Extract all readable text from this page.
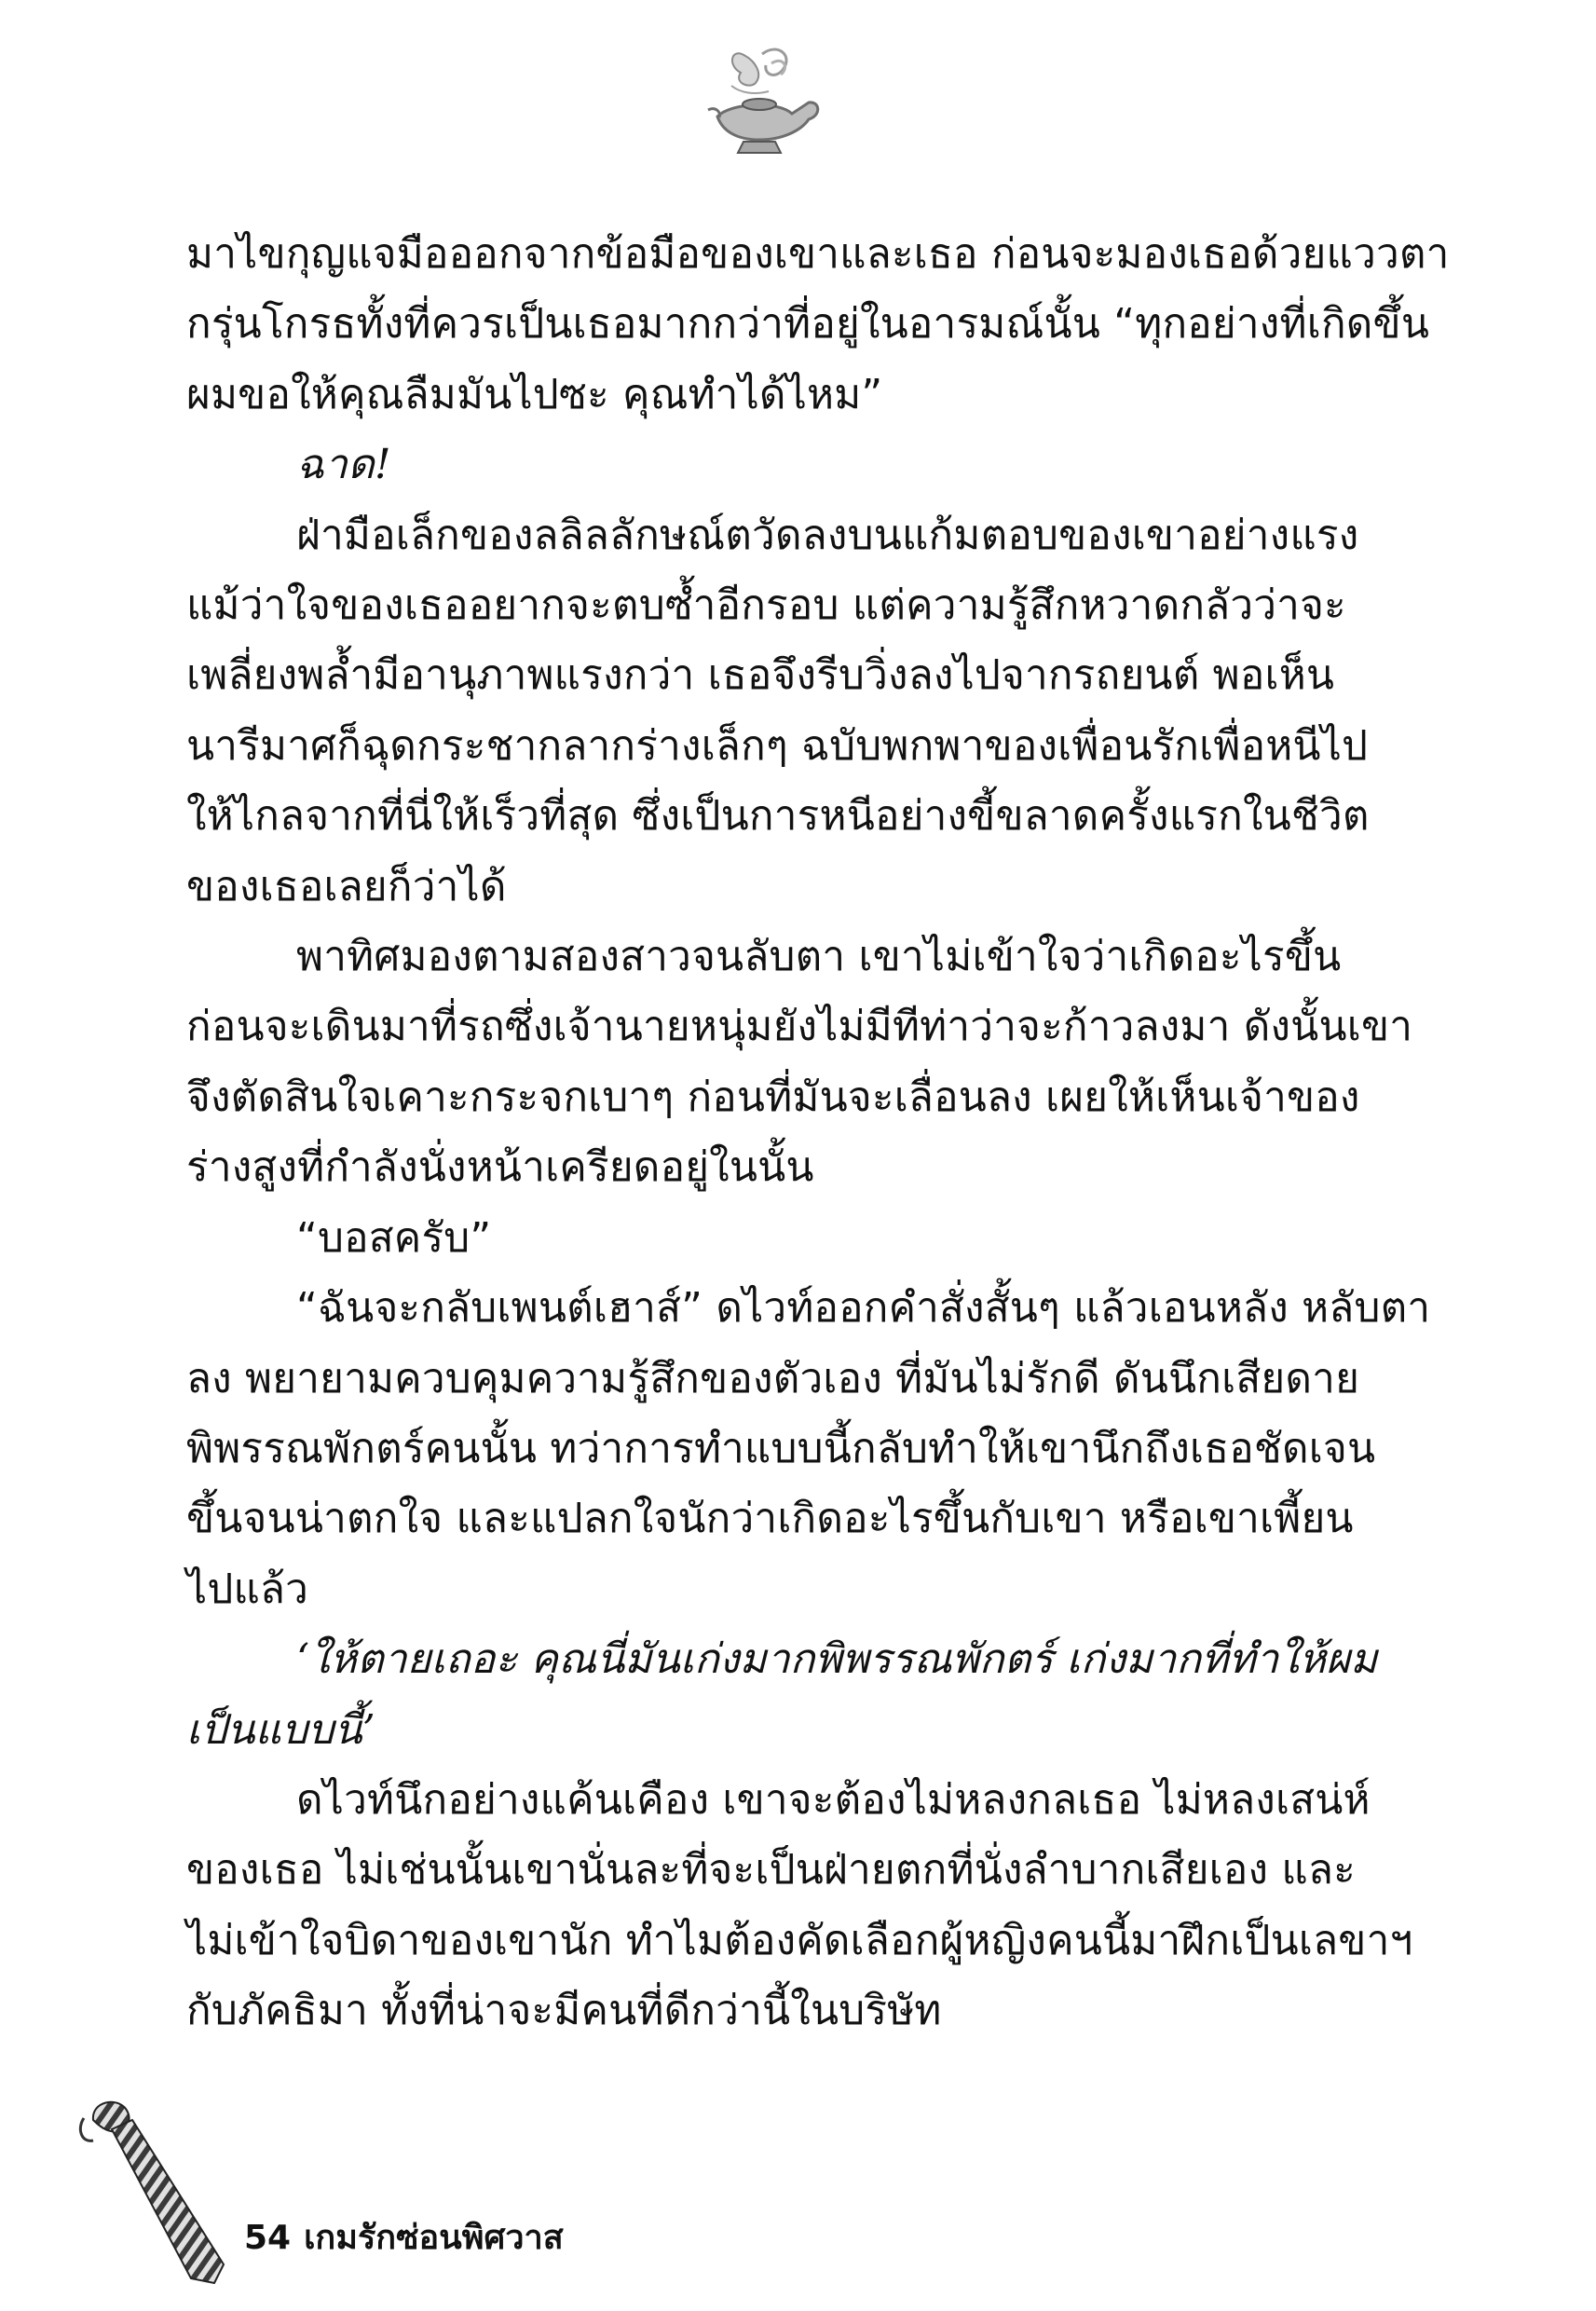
มาไขกุญแจมือออกจากข้อมือของเขาและเธอ ก่อนจะมองเธอด้วยแววตา
กรุ่นโกรธทั้งที่ควรเป็นเธอมากกว่าที่อยู่ในอารมณ์นั้น “ทุกอย่างที่เกิดขึ้น
ผมขอให้คุณลืมมันไปซะ คุณทำได้ไหม”
ฉาด!
ฝ่ามือเล็กของลลิลลักษณ์ตวัดลงบนแก้มตอบของเขาอย่างแรง
แม้ว่าใจของเธออยากจะตบซ้ำอีกรอบ แต่ความรู้สึกหวาดกลัวว่าจะ
เพลี่ยงพล้ำมีอานุภาพแรงกว่า เธอจึงรีบวิ่งลงไปจากรถยนต์ พอเห็น
นารีมาศก็ฉุดกระชากลากร่างเล็กๆ ฉบับพกพาของเพื่อนรักเพื่อหนีไป
ให้ไกลจากที่นี่ให้เร็วที่สุด ซึ่งเป็นการหนีอย่างขี้ขลาดครั้งแรกในชีวิต
ของเธอเลยก็ว่าได้
พาทิศมองตามสองสาวจนลับตา เขาไม่เข้าใจว่าเกิดอะไรขึ้น
ก่อนจะเดินมาที่รถซึ่งเจ้านายหนุ่มยังไม่มีทีท่าว่าจะก้าวลงมา ดังนั้นเขา
จึงตัดสินใจเคาะกระจกเบาๆ ก่อนที่มันจะเลื่อนลง เผยให้เห็นเจ้าของ
ร่างสูงที่กำลังนั่งหน้าเครียดอยู่ในนั้น
“บอสครับ”
“ฉันจะกลับเพนต์เฮาส์” ดไวท์ออกคำสั่งสั้นๆ แล้วเอนหลัง หลับตา
ลง พยายามควบคุมความรู้สึกของตัวเอง ที่มันไม่รักดี ดันนึกเสียดาย
พิพรรณพักตร์คนนั้น ทว่าการทำแบบนี้กลับทำให้เขานึกถึงเธอชัดเจน
ขึ้นจนน่าตกใจ และแปลกใจนักว่าเกิดอะไรขึ้นกับเขา หรือเขาเพี้ยน
ไปแล้ว
‘ให้ตายเถอะ คุณนี่มันเก่งมากพิพรรณพักตร์ เก่งมากที่ทำให้ผม
เป็นแบบนี้’
ดไวท์นึกอย่างแค้นเคือง เขาจะต้องไม่หลงกลเธอ ไม่หลงเสน่ห์
ของเธอ ไม่เช่นนั้นเขานั่นละที่จะเป็นฝ่ายตกที่นั่งลำบากเสียเอง และ
ไม่เข้าใจบิดาของเขานัก ทำไมต้องคัดเลือกผู้หญิงคนนี้มาฝึกเป็นเลขาฯ
กับภัคธิมา ทั้งที่น่าจะมีคนที่ดีกว่านี้ในบริษัท
54 เกมรักซ่อนพิศวาส
